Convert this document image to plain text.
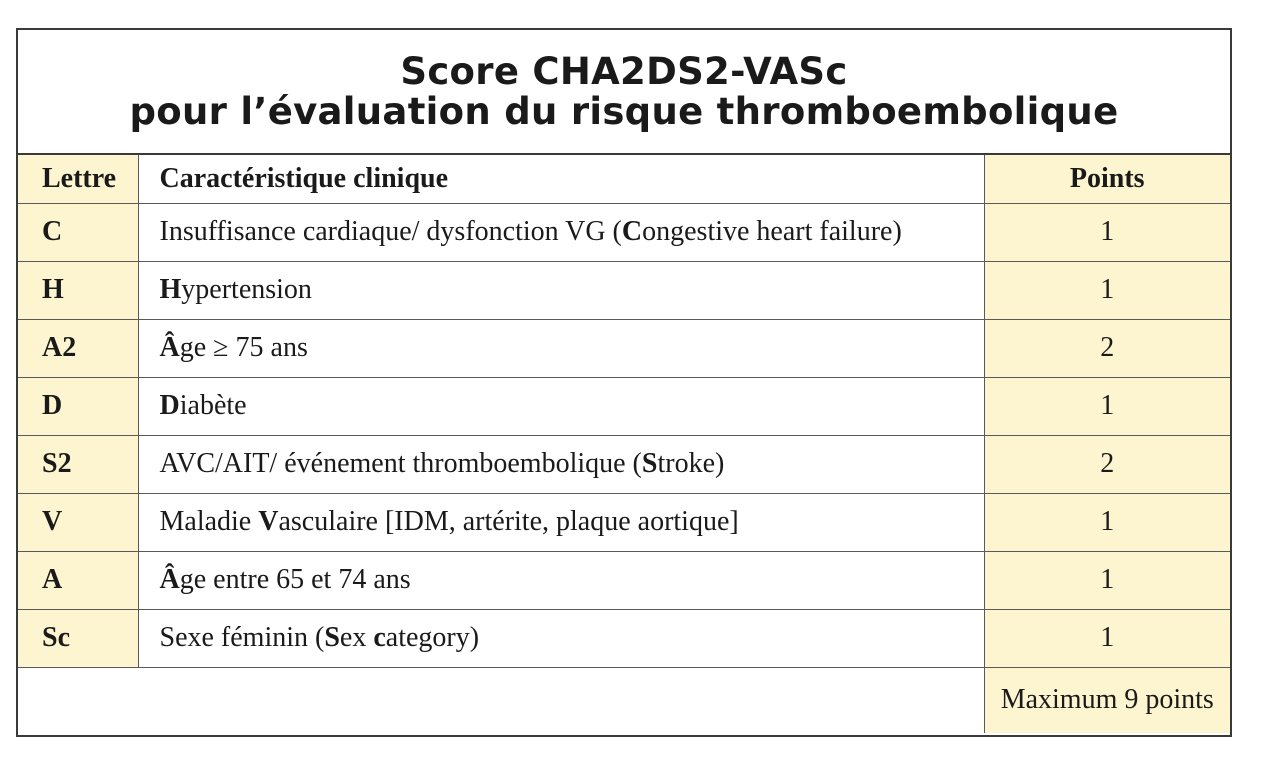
Score CHA2DS2-VASc
pour l’évaluation du risque thromboembolique
Lettre	Caractéristique clinique	Points
C	Insuffisance cardiaque/ dysfonction VG (Congestive heart failure)	1
H	Hypertension	1
A2	Âge ≥ 75 ans	2
D	Diabète	1
S2	AVC/AIT/ événement thromboembolique (Stroke)	2
V	Maladie Vasculaire [IDM, artérite, plaque aortique]	1
A	Âge entre 65 et 74 ans	1
Sc	Sexe féminin (Sex category)	1
		Maximum 9 points
